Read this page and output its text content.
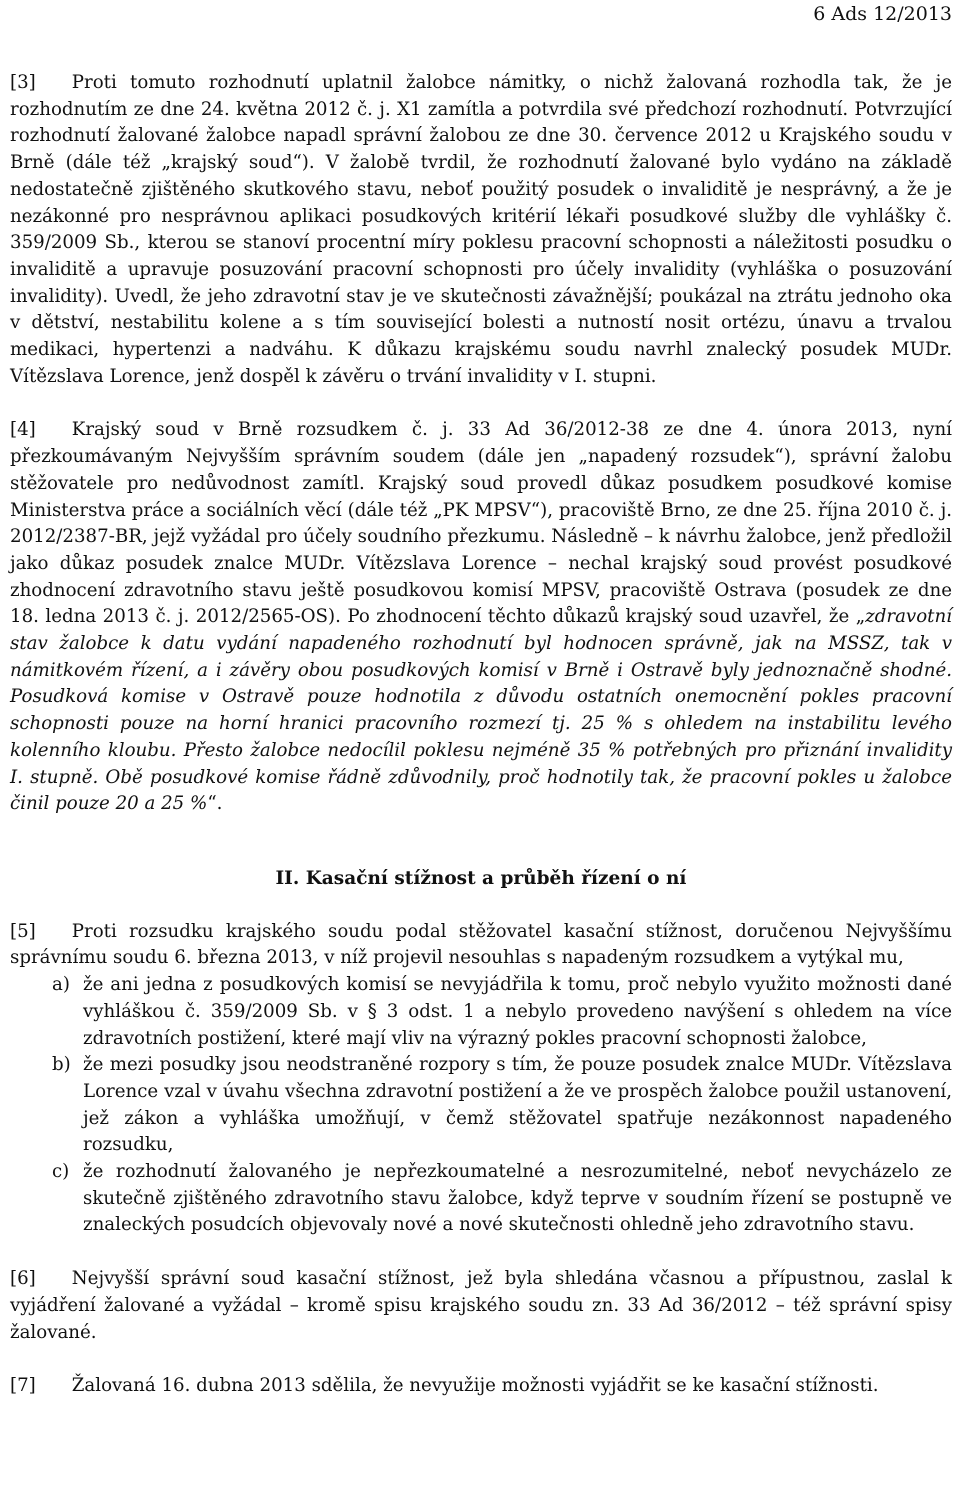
6 Ads 12/2013

[3] Proti tomuto rozhodnutí uplatnil žalobce námitky, o nichž žalovaná rozhodla tak, že je rozhodnutím ze dne 24. května 2012 č. j. X1 zamítla a potvrdila své předchozí rozhodnutí. Potvrzující rozhodnutí žalované žalobce napadl správní žalobou ze dne 30. července 2012 u Krajského soudu v Brně (dále též „krajský soud“). V žalobě tvrdil, že rozhodnutí žalované bylo vydáno na základě nedostatečně zjištěného skutkového stavu, neboť použitý posudek o invaliditě je nesprávný, a že je nezákonné pro nesprávnou aplikaci posudkových kritérií lékaři posudkové služby dle vyhlášky č. 359/2009 Sb., kterou se stanoví procentní míry poklesu pracovní schopnosti a náležitosti posudku o invaliditě a upravuje posuzování pracovní schopnosti pro účely invalidity (vyhláška o posuzování invalidity). Uvedl, že jeho zdravotní stav je ve skutečnosti závažnější; poukázal na ztrátu jednoho oka v dětství, nestabilitu kolene a s tím související bolesti a nutností nosit ortézu, únavu a trvalou medikaci, hypertenzi a nadváhu. K důkazu krajskému soudu navrhl znalecký posudek MUDr. Vítězslava Lorence, jenž dospěl k závěru o trvání invalidity v I. stupni.

[4] Krajský soud v Brně rozsudkem č. j. 33 Ad 36/2012-38 ze dne 4. února 2013, nyní přezkoumávaným Nejvyšším správním soudem (dále jen „napadený rozsudek“), správní žalobu stěžovatele pro nedůvodnost zamítl. Krajský soud provedl důkaz posudkem posudkové komise Ministerstva práce a sociálních věcí (dále též „PK MPSV“), pracoviště Brno, ze dne 25. října 2010 č. j. 2012/2387-BR, jejž vyžádal pro účely soudního přezkumu. Následně – k návrhu žalobce, jenž předložil jako důkaz posudek znalce MUDr. Vítězslava Lorence – nechal krajský soud provést posudkové zhodnocení zdravotního stavu ještě posudkovou komisí MPSV, pracoviště Ostrava (posudek ze dne 18. ledna 2013 č. j. 2012/2565-OS). Po zhodnocení těchto důkazů krajský soud uzavřel, že „zdravotní stav žalobce k datu vydání napadeného rozhodnutí byl hodnocen správně, jak na MSSZ, tak v námitkovém řízení, a i závěry obou posudkových komisí v Brně i Ostravě byly jednoznačně shodné. Posudková komise v Ostravě pouze hodnotila z důvodu ostatních onemocnění pokles pracovní schopnosti pouze na horní hranici pracovního rozmezí tj. 25 % s ohledem na instabilitu levého kolenního kloubu. Přesto žalobce nedocílil poklesu nejméně 35 % potřebných pro přiznání invalidity I. stupně. Obě posudkové komise řádně zdůvodnily, proč hodnotily tak, že pracovní pokles u žalobce činil pouze 20 a 25 %“.

II. Kasační stížnost a průběh řízení o ní

[5] Proti rozsudku krajského soudu podal stěžovatel kasační stížnost, doručenou Nejvyššímu správnímu soudu 6. března 2013, v níž projevil nesouhlas s napadeným rozsudkem a vytýkal mu,

a) že ani jedna z posudkových komisí se nevyjádřila k tomu, proč nebylo využito možnosti dané vyhláškou č. 359/2009 Sb. v § 3 odst. 1 a nebylo provedeno navýšení s ohledem na více zdravotních postižení, které mají vliv na výrazný pokles pracovní schopnosti žalobce,
b) že mezi posudky jsou neodstraněné rozpory s tím, že pouze posudek znalce MUDr. Vítězslava Lorence vzal v úvahu všechna zdravotní postižení a že ve prospěch žalobce použil ustanovení, jež zákon a vyhláška umožňují, v čemž stěžovatel spatřuje nezákonnost napadeného rozsudku,
c) že rozhodnutí žalovaného je nepřezkoumatelné a nesrozumitelné, neboť nevycházelo ze skutečně zjištěného zdravotního stavu žalobce, když teprve v soudním řízení se postupně ve znaleckých posudcích objevovaly nové a nové skutečnosti ohledně jeho zdravotního stavu.

[6] Nejvyšší správní soud kasační stížnost, jež byla shledána včasnou a přípustnou, zaslal k vyjádření žalované a vyžádal – kromě spisu krajského soudu zn. 33 Ad 36/2012 – též správní spisy žalované.

[7] Žalovaná 16. dubna 2013 sdělila, že nevyužije možnosti vyjádřit se ke kasační stížnosti.
